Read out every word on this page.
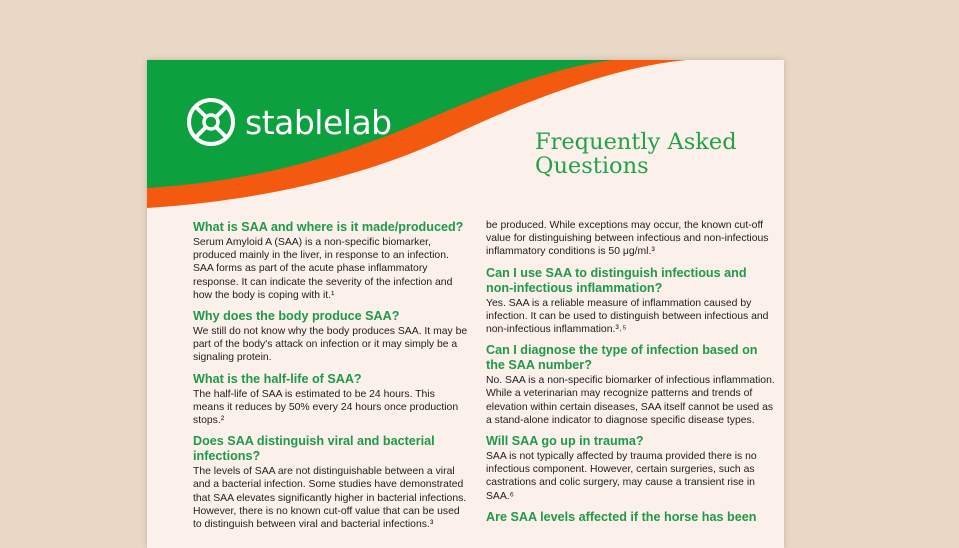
stablelab
Frequently Asked Questions
What is SAA and where is it made/produced?

Serum Amyloid A (SAA) is a non-specific biomarker, produced mainly in the liver, in response to an infection. SAA forms as part of the acute phase inflammatory response. It can indicate the severity of the infection and how the body is coping with it.¹

Why does the body produce SAA?

We still do not know why the body produces SAA. It may be part of the body's attack on infection or it may simply be a signaling protein.

What is the half-life of SAA?

The half-life of SAA is estimated to be 24 hours. This means it reduces by 50% every 24 hours once production stops.²

Does SAA distinguish viral and bacterial infections?

The levels of SAA are not distinguishable between a viral and a bacterial infection. Some studies have demonstrated that SAA elevates significantly higher in bacterial infections. However, there is no known cut-off value that can be used to distinguish between viral and bacterial infections.³

be produced. While exceptions may occur, the known cut-off value for distinguishing between infectious and non-infectious inflammatory conditions is 50 μg/ml.³

Can I use SAA to distinguish infectious and non-infectious inflammation?

Yes. SAA is a reliable measure of inflammation caused by infection. It can be used to distinguish between infectious and non-infectious inflammation.³˒⁵

Can I diagnose the type of infection based on the SAA number?

No. SAA is a non-specific biomarker of infectious inflammation. While a veterinarian may recognize patterns and trends of elevation within certain diseases, SAA itself cannot be used as a stand-alone indicator to diagnose specific disease types.

Will SAA go up in trauma?

SAA is not typically affected by trauma provided there is no infectious component. However, certain surgeries, such as castrations and colic surgery, may cause a transient rise in SAA.⁶

Are SAA levels affected if the horse has been
